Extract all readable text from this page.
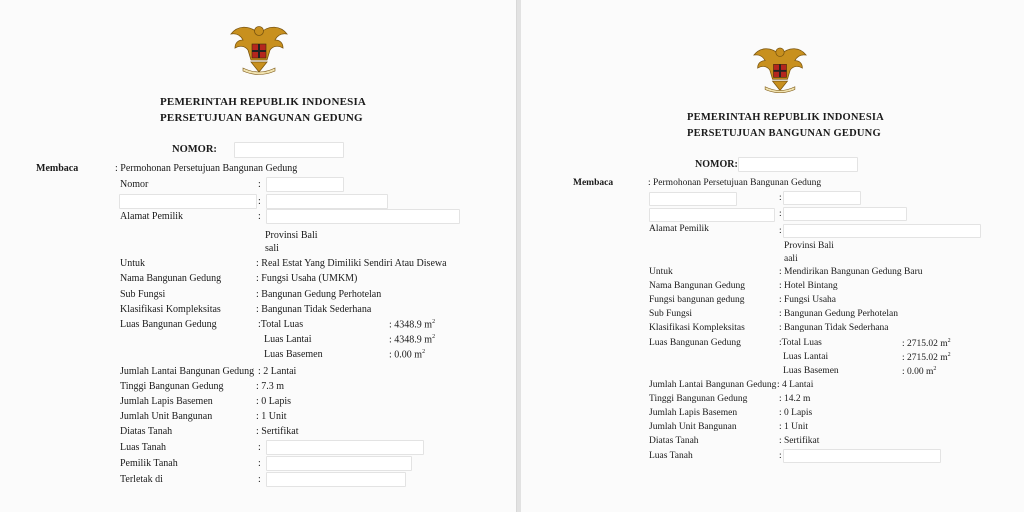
PEMERINTAH REPUBLIK INDONESIA
PERSETUJUAN BANGUNAN GEDUNG
NOMOR:
Membaca	: Permohonan Persetujuan Bangunan Gedung
Nomor	:
:
Alamat Pemilik	:
Provinsi Bali
sali
Untuk	: Real Estat Yang Dimiliki Sendiri Atau Disewa
Nama Bangunan Gedung	: Fungsi Usaha (UMKM)
Sub Fungsi	: Bangunan Gedung Perhotelan
Klasifikasi Kompleksitas	: Bangunan Tidak Sederhana
Luas Bangunan Gedung	:Total Luas	: 4348.9 $m^2$
Luas Lantai	: 4348.9 $m^2$
Luas Basemen	: 0.00 $m^2$
Jumlah Lantai Bangunan Gedung : 2 Lantai
Tinggi Bangunan Gedung	: 7.3 m
Jumlah Lapis Basemen	: 0 Lapis
Jumlah Unit Bangunan	: 1 Unit
Diatas Tanah	: Sertifikat
Luas Tanah	:
Pemilik Tanah	:
Terletak di	:
PEMERINTAH REPUBLIK INDONESIA
PERSETUJUAN BANGUNAN GEDUNG
NOMOR:
Membaca	: Permohonan Persetujuan Bangunan Gedung
:
:
Alamat Pemilik	:
Provinsi Bali
aali
Untuk	: Mendirikan Bangunan Gedung Baru
Nama Bangunan Gedung	: Hotel Bintang
Fungsi bangunan gedung	: Fungsi Usaha
Sub Fungsi	: Bangunan Gedung Perhotelan
Klasifikasi Kompleksitas	: Bangunan Tidak Sederhana
Luas Bangunan Gedung	:Total Luas	: 2715.02 $m^2$
Luas Lantai	: 2715.02 $m^2$
Luas Basemen	: 0.00 $m^2$
Jumlah Lantai Bangunan Gedung : 4 Lantai
Tinggi Bangunan Gedung	: 14.2 m
Jumlah Lapis Basemen	: 0 Lapis
Jumlah Unit Bangunan	: 1 Unit
Diatas Tanah	: Sertifikat
Luas Tanah	:
